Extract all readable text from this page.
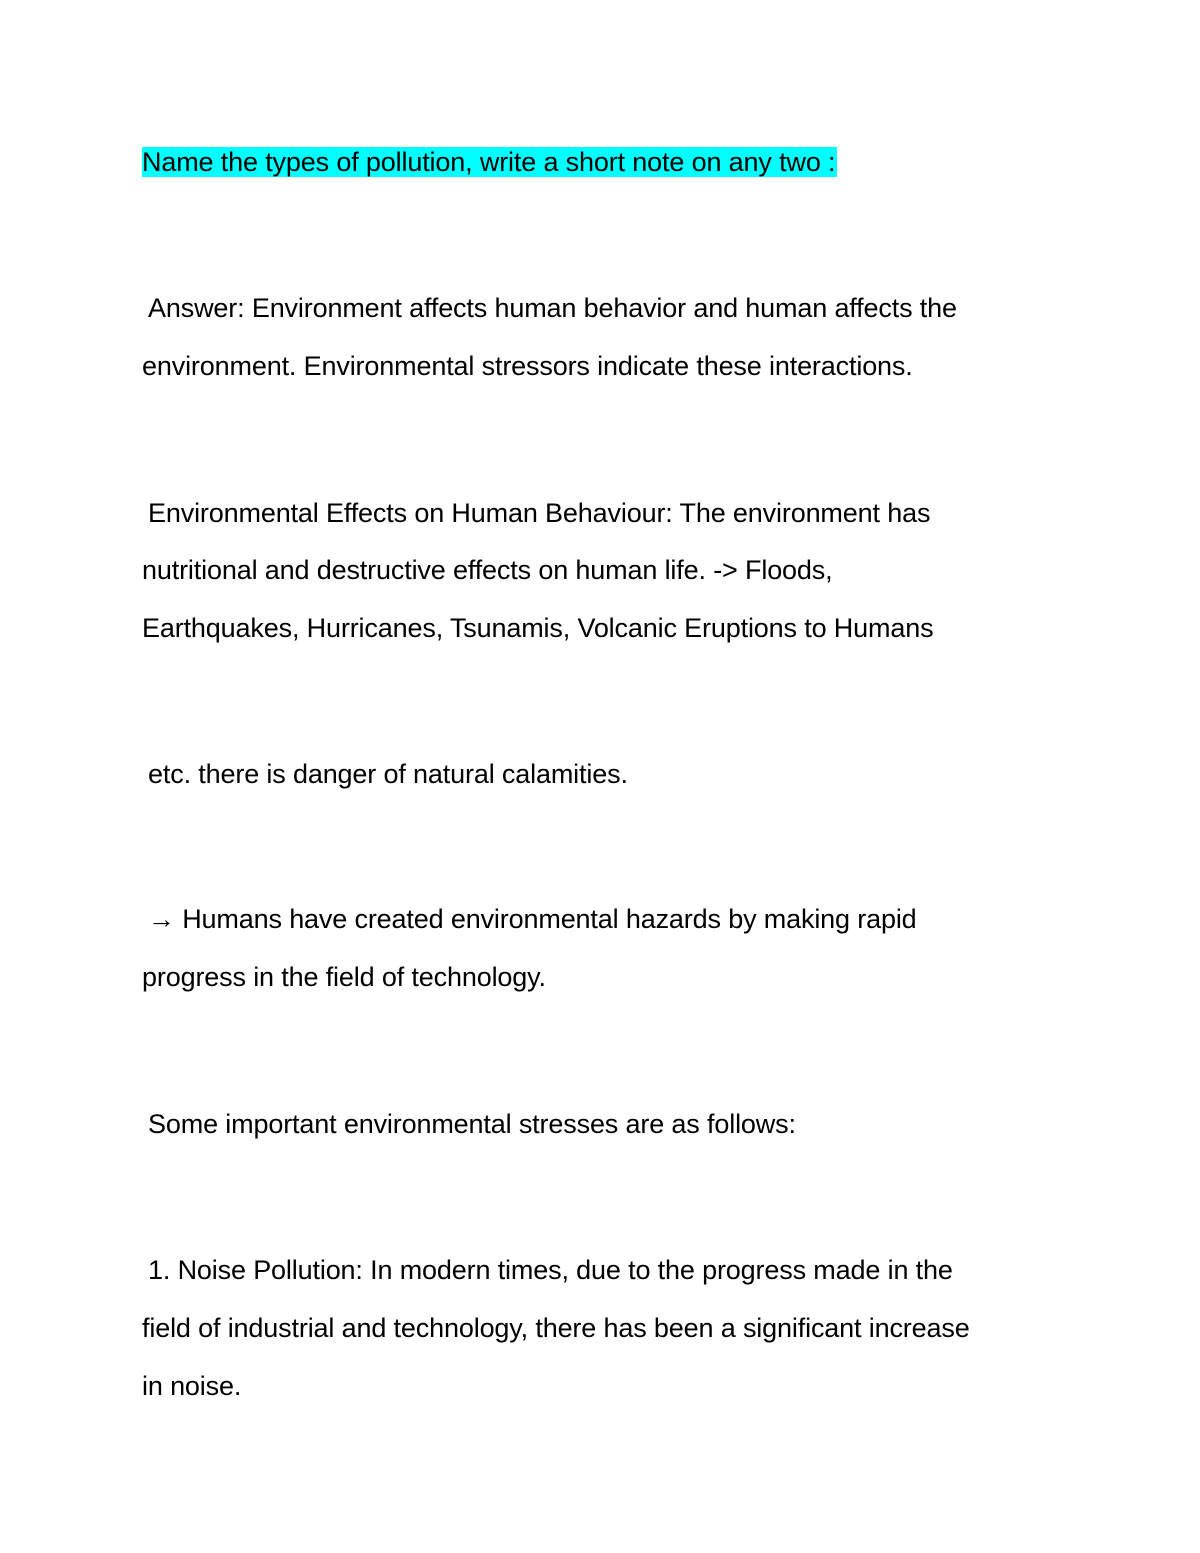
Name the types of pollution, write a short note on any two :
Answer: Environment affects human behavior and human affects the
environment. Environmental stressors indicate these interactions.
Environmental Effects on Human Behaviour: The environment has
nutritional and destructive effects on human life. -> Floods,
Earthquakes, Hurricanes, Tsunamis, Volcanic Eruptions to Humans
etc. there is danger of natural calamities.
→ Humans have created environmental hazards by making rapid
progress in the field of technology.
Some important environmental stresses are as follows:
1. Noise Pollution: In modern times, due to the progress made in the
field of industrial and technology, there has been a significant increase
in noise.
